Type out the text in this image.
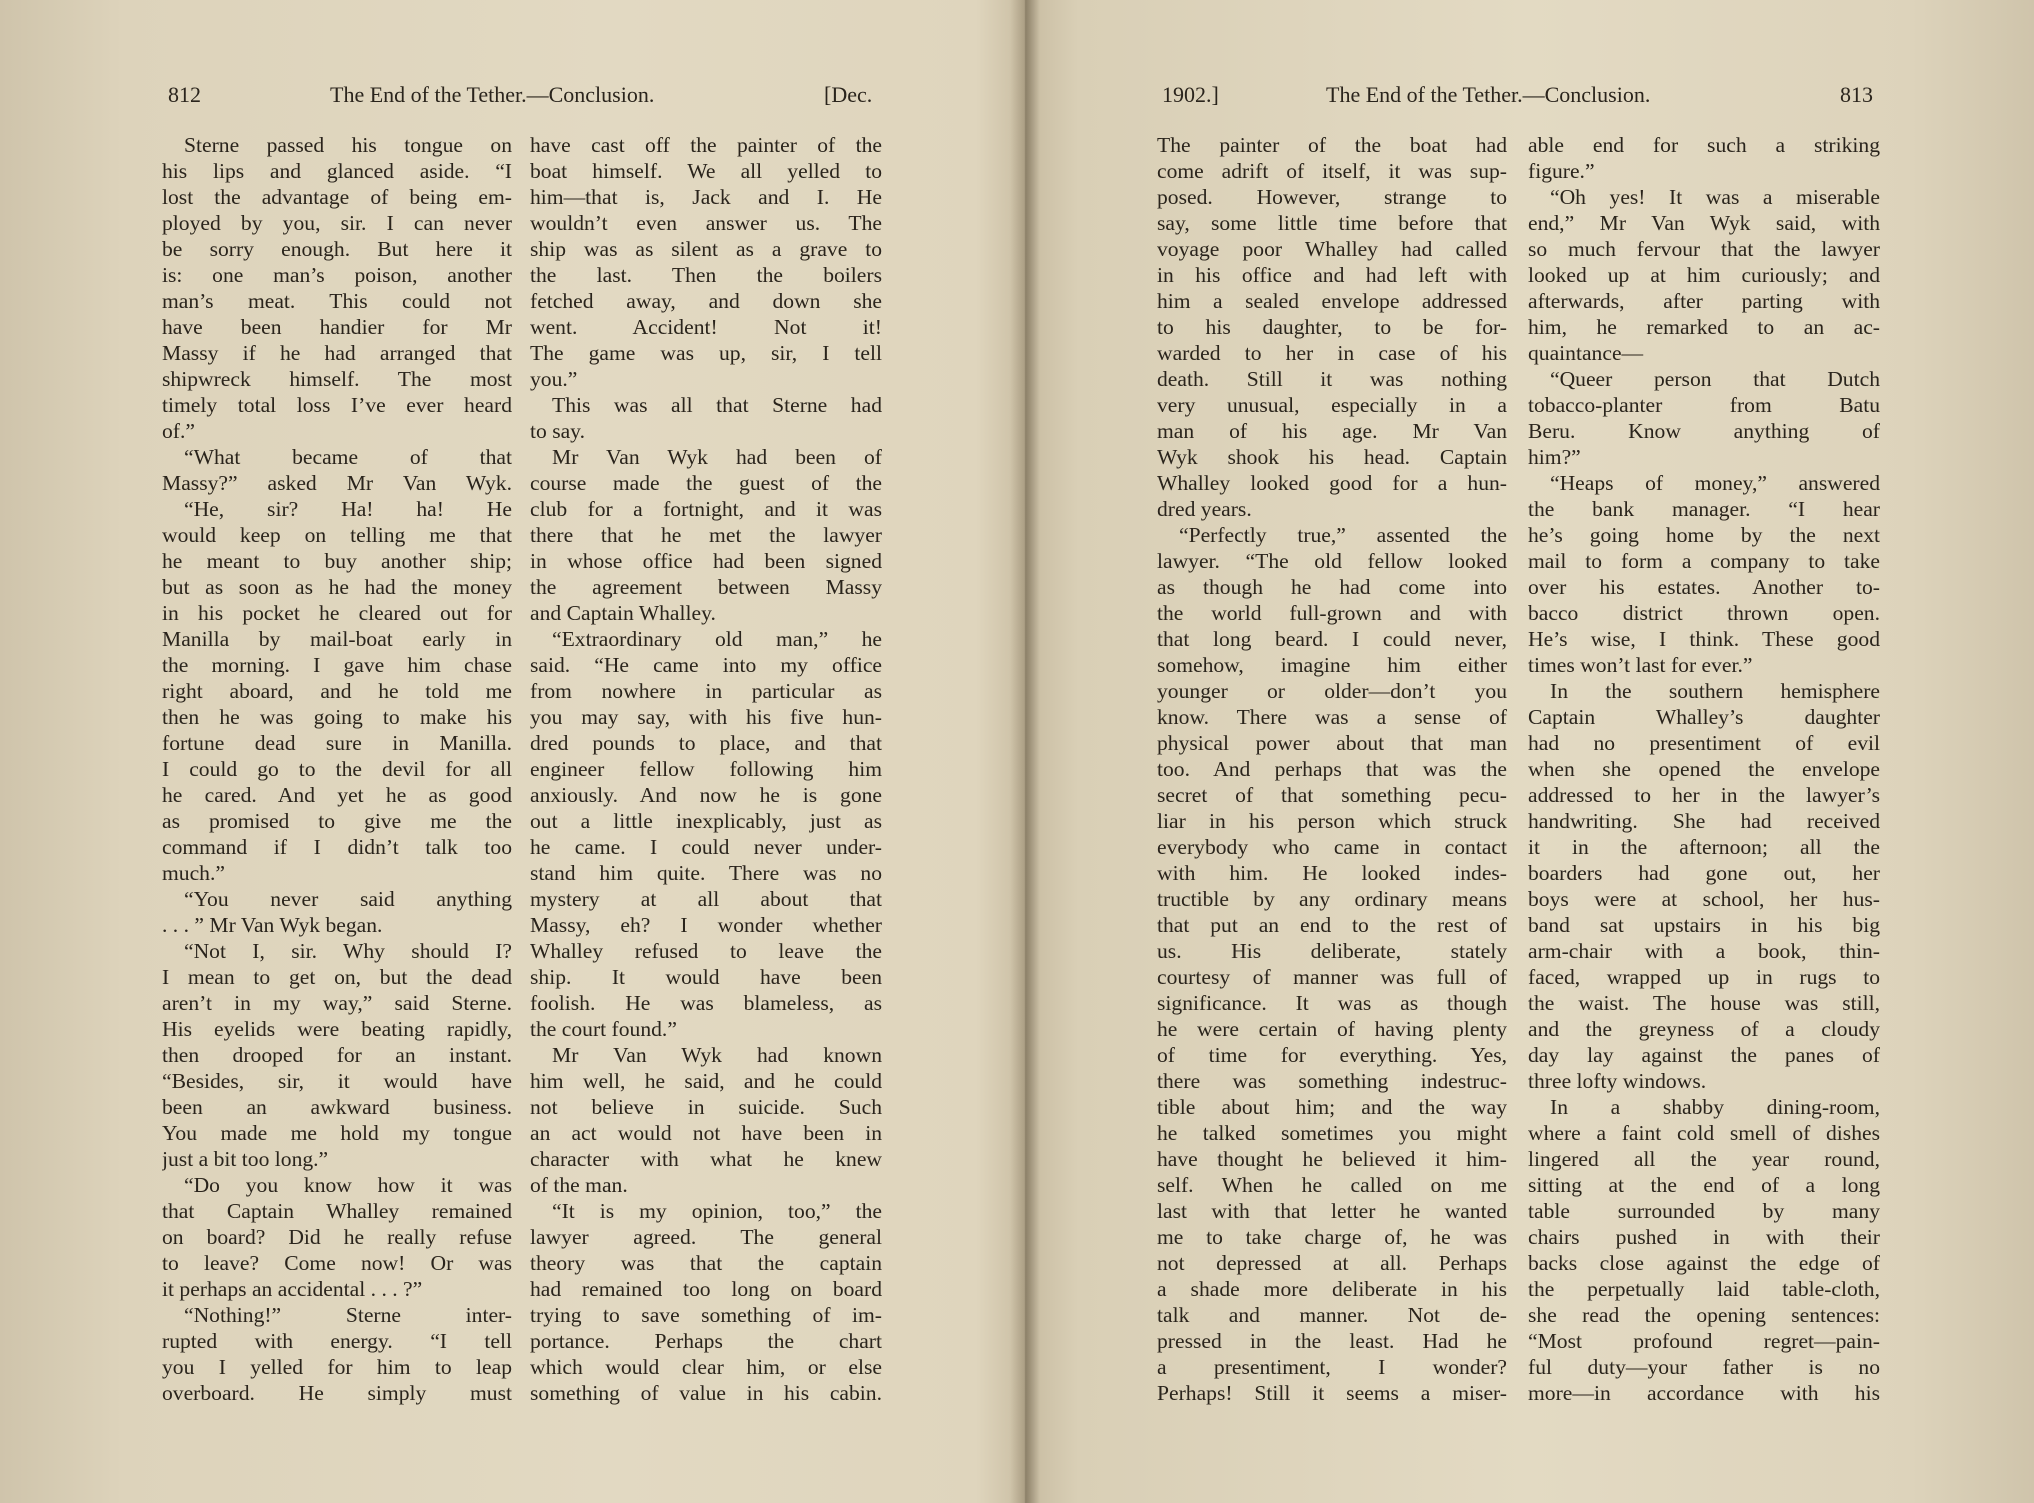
812	The End of the Tether.—Conclusion.	[Dec.
Sterne passed his tongue on
his lips and glanced aside. “I
lost the advantage of being em-
ployed by you, sir. I can never
be sorry enough. But here it
is: one man’s poison, another
man’s meat. This could not
have been handier for Mr
Massy if he had arranged that
shipwreck himself. The most
timely total loss I’ve ever heard
of.”
“What became of that
Massy?” asked Mr Van Wyk.
“He, sir? Ha! ha! He
would keep on telling me that
he meant to buy another ship;
but as soon as he had the money
in his pocket he cleared out for
Manilla by mail-boat early in
the morning. I gave him chase
right aboard, and he told me
then he was going to make his
fortune dead sure in Manilla.
I could go to the devil for all
he cared. And yet he as good
as promised to give me the
command if I didn’t talk too
much.”
“You never said anything
. . . ” Mr Van Wyk began.
“Not I, sir. Why should I?
I mean to get on, but the dead
aren’t in my way,” said Sterne.
His eyelids were beating rapidly,
then drooped for an instant.
“Besides, sir, it would have
been an awkward business.
You made me hold my tongue
just a bit too long.”
“Do you know how it was
that Captain Whalley remained
on board? Did he really refuse
to leave? Come now! Or was
it perhaps an accidental . . . ?”
“Nothing!” Sterne inter-
rupted with energy. “I tell
you I yelled for him to leap
overboard. He simply must
have cast off the painter of the
boat himself. We all yelled to
him—that is, Jack and I. He
wouldn’t even answer us. The
ship was as silent as a grave to
the last. Then the boilers
fetched away, and down she
went. Accident! Not it!
The game was up, sir, I tell
you.”
This was all that Sterne had
to say.
Mr Van Wyk had been of
course made the guest of the
club for a fortnight, and it was
there that he met the lawyer
in whose office had been signed
the agreement between Massy
and Captain Whalley.
“Extraordinary old man,” he
said. “He came into my office
from nowhere in particular as
you may say, with his five hun-
dred pounds to place, and that
engineer fellow following him
anxiously. And now he is gone
out a little inexplicably, just as
he came. I could never under-
stand him quite. There was no
mystery at all about that
Massy, eh? I wonder whether
Whalley refused to leave the
ship. It would have been
foolish. He was blameless, as
the court found.”
Mr Van Wyk had known
him well, he said, and he could
not believe in suicide. Such
an act would not have been in
character with what he knew
of the man.
“It is my opinion, too,” the
lawyer agreed. The general
theory was that the captain
had remained too long on board
trying to save something of im-
portance. Perhaps the chart
which would clear him, or else
something of value in his cabin.
1902.]	The End of the Tether.—Conclusion.	813
The painter of the boat had
come adrift of itself, it was sup-
posed. However, strange to
say, some little time before that
voyage poor Whalley had called
in his office and had left with
him a sealed envelope addressed
to his daughter, to be for-
warded to her in case of his
death. Still it was nothing
very unusual, especially in a
man of his age. Mr Van
Wyk shook his head. Captain
Whalley looked good for a hun-
dred years.
“Perfectly true,” assented the
lawyer. “The old fellow looked
as though he had come into
the world full-grown and with
that long beard. I could never,
somehow, imagine him either
younger or older—don’t you
know. There was a sense of
physical power about that man
too. And perhaps that was the
secret of that something pecu-
liar in his person which struck
everybody who came in contact
with him. He looked indes-
tructible by any ordinary means
that put an end to the rest of
us. His deliberate, stately
courtesy of manner was full of
significance. It was as though
he were certain of having plenty
of time for everything. Yes,
there was something indestruc-
tible about him; and the way
he talked sometimes you might
have thought he believed it him-
self. When he called on me
last with that letter he wanted
me to take charge of, he was
not depressed at all. Perhaps
a shade more deliberate in his
talk and manner. Not de-
pressed in the least. Had he
a presentiment, I wonder?
Perhaps! Still it seems a miser-
able end for such a striking
figure.”
“Oh yes! It was a miserable
end,” Mr Van Wyk said, with
so much fervour that the lawyer
looked up at him curiously; and
afterwards, after parting with
him, he remarked to an ac-
quaintance—
“Queer person that Dutch
tobacco-planter from Batu
Beru. Know anything of
him?”
“Heaps of money,” answered
the bank manager. “I hear
he’s going home by the next
mail to form a company to take
over his estates. Another to-
bacco district thrown open.
He’s wise, I think. These good
times won’t last for ever.”
In the southern hemisphere
Captain Whalley’s daughter
had no presentiment of evil
when she opened the envelope
addressed to her in the lawyer’s
handwriting. She had received
it in the afternoon; all the
boarders had gone out, her
boys were at school, her hus-
band sat upstairs in his big
arm-chair with a book, thin-
faced, wrapped up in rugs to
the waist. The house was still,
and the greyness of a cloudy
day lay against the panes of
three lofty windows.
In a shabby dining-room,
where a faint cold smell of dishes
lingered all the year round,
sitting at the end of a long
table surrounded by many
chairs pushed in with their
backs close against the edge of
the perpetually laid table-cloth,
she read the opening sentences:
“Most profound regret—pain-
ful duty—your father is no
more—in accordance with his
